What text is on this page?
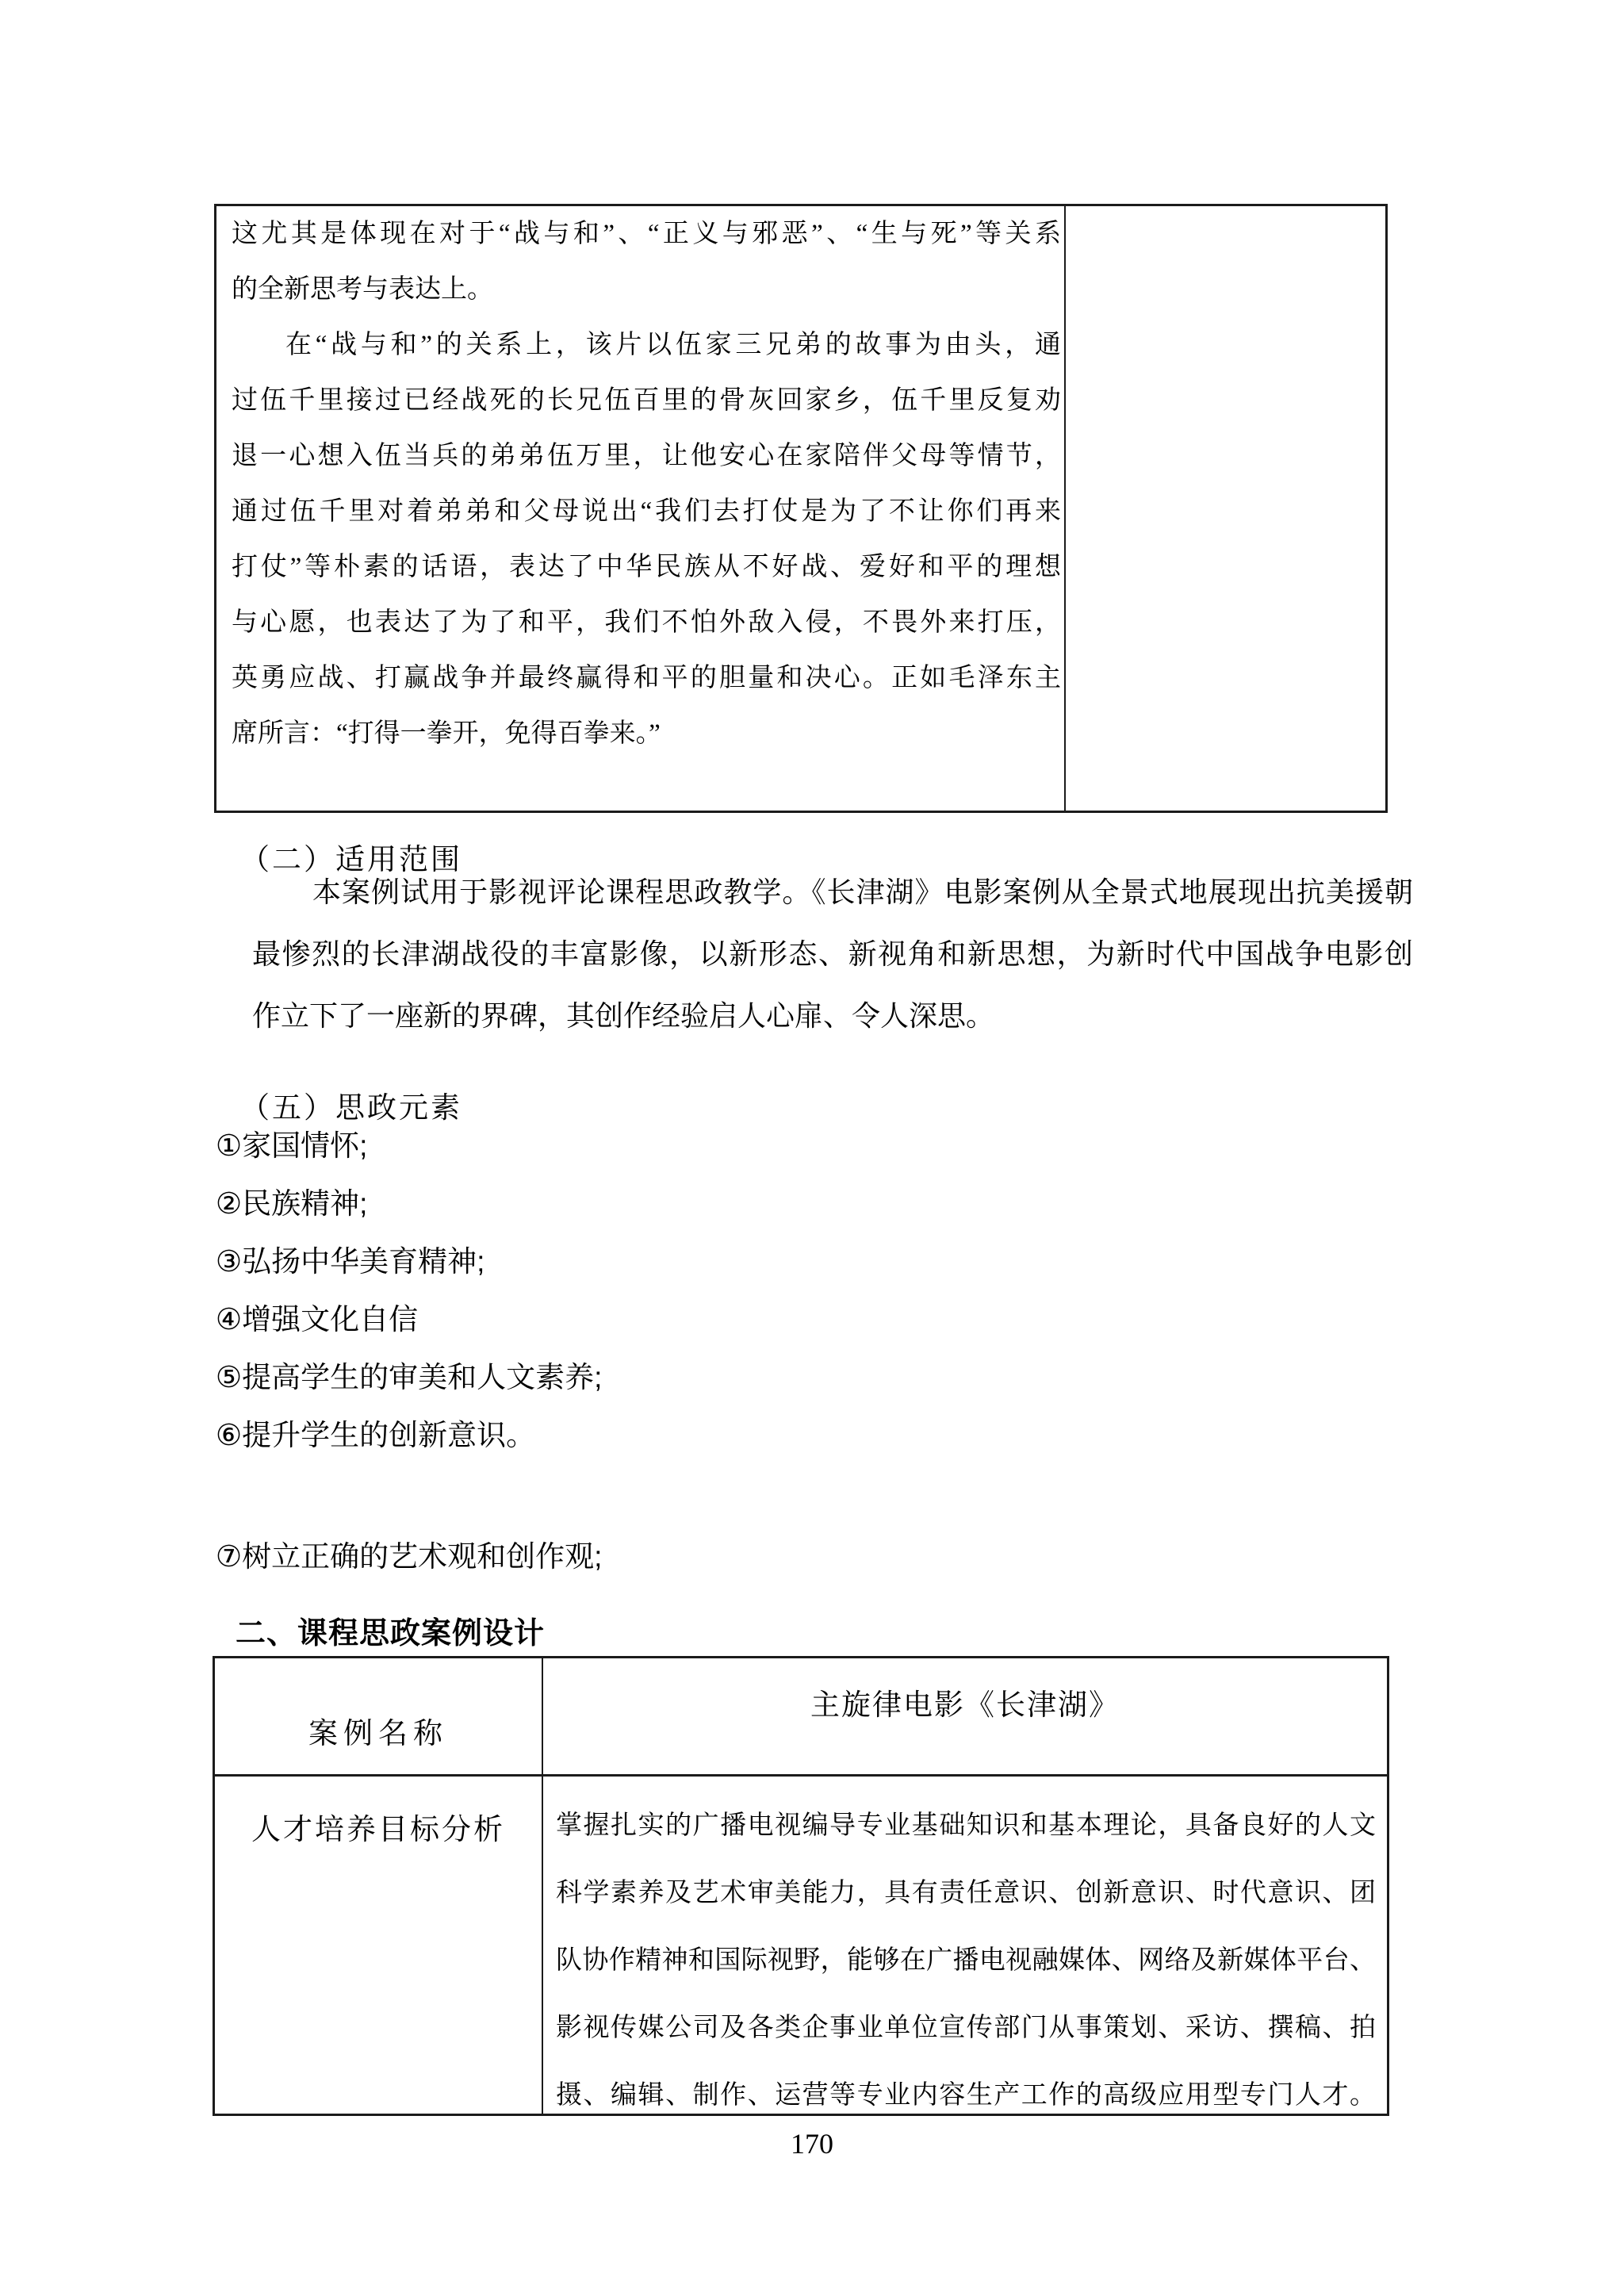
这尤其是体现在对于“战与和”、“正义与邪恶”、“生与死”等关系
的全新思考与表达上。
在“战与和”的关系上，该片以伍家三兄弟的故事为由头，通
过伍千里接过已经战死的长兄伍百里的骨灰回家乡，伍千里反复劝
退一心想入伍当兵的弟弟伍万里，让他安心在家陪伴父母等情节，
通过伍千里对着弟弟和父母说出“我们去打仗是为了不让你们再来
打仗”等朴素的话语，表达了中华民族从不好战、爱好和平的理想
与心愿，也表达了为了和平，我们不怕外敌入侵，不畏外来打压，
英勇应战、打赢战争并最终赢得和平的胆量和决心。正如毛泽东主
席所言：“打得一拳开，免得百拳来。”
（二）适用范围
本案例试用于影视评论课程思政教学。《长津湖》电影案例从全景式地展现出抗美援朝
最惨烈的长津湖战役的丰富影像，以新形态、新视角和新思想，为新时代中国战争电影创
作立下了一座新的界碑，其创作经验启人心扉、令人深思。
（五）思政元素
①家国情怀;
②民族精神;
③弘扬中华美育精神;
④增强文化自信
⑤提高学生的审美和人文素养;
⑥提升学生的创新意识。
⑦树立正确的艺术观和创作观;
二、课程思政案例设计
案例名称
主旋律电影《长津湖》
人才培养目标分析 掌握扎实的广播电视编导专业基础知识和基本理论，具备良好的人文
科学素养及艺术审美能力，具有责任意识、创新意识、时代意识、团
队协作精神和国际视野，能够在广播电视融媒体、网络及新媒体平台、
影视传媒公司及各类企事业单位宣传部门从事策划、采访、撰稿、拍
摄、编辑、制作、运营等专业内容生产工作的高级应用型专门人才。
170
